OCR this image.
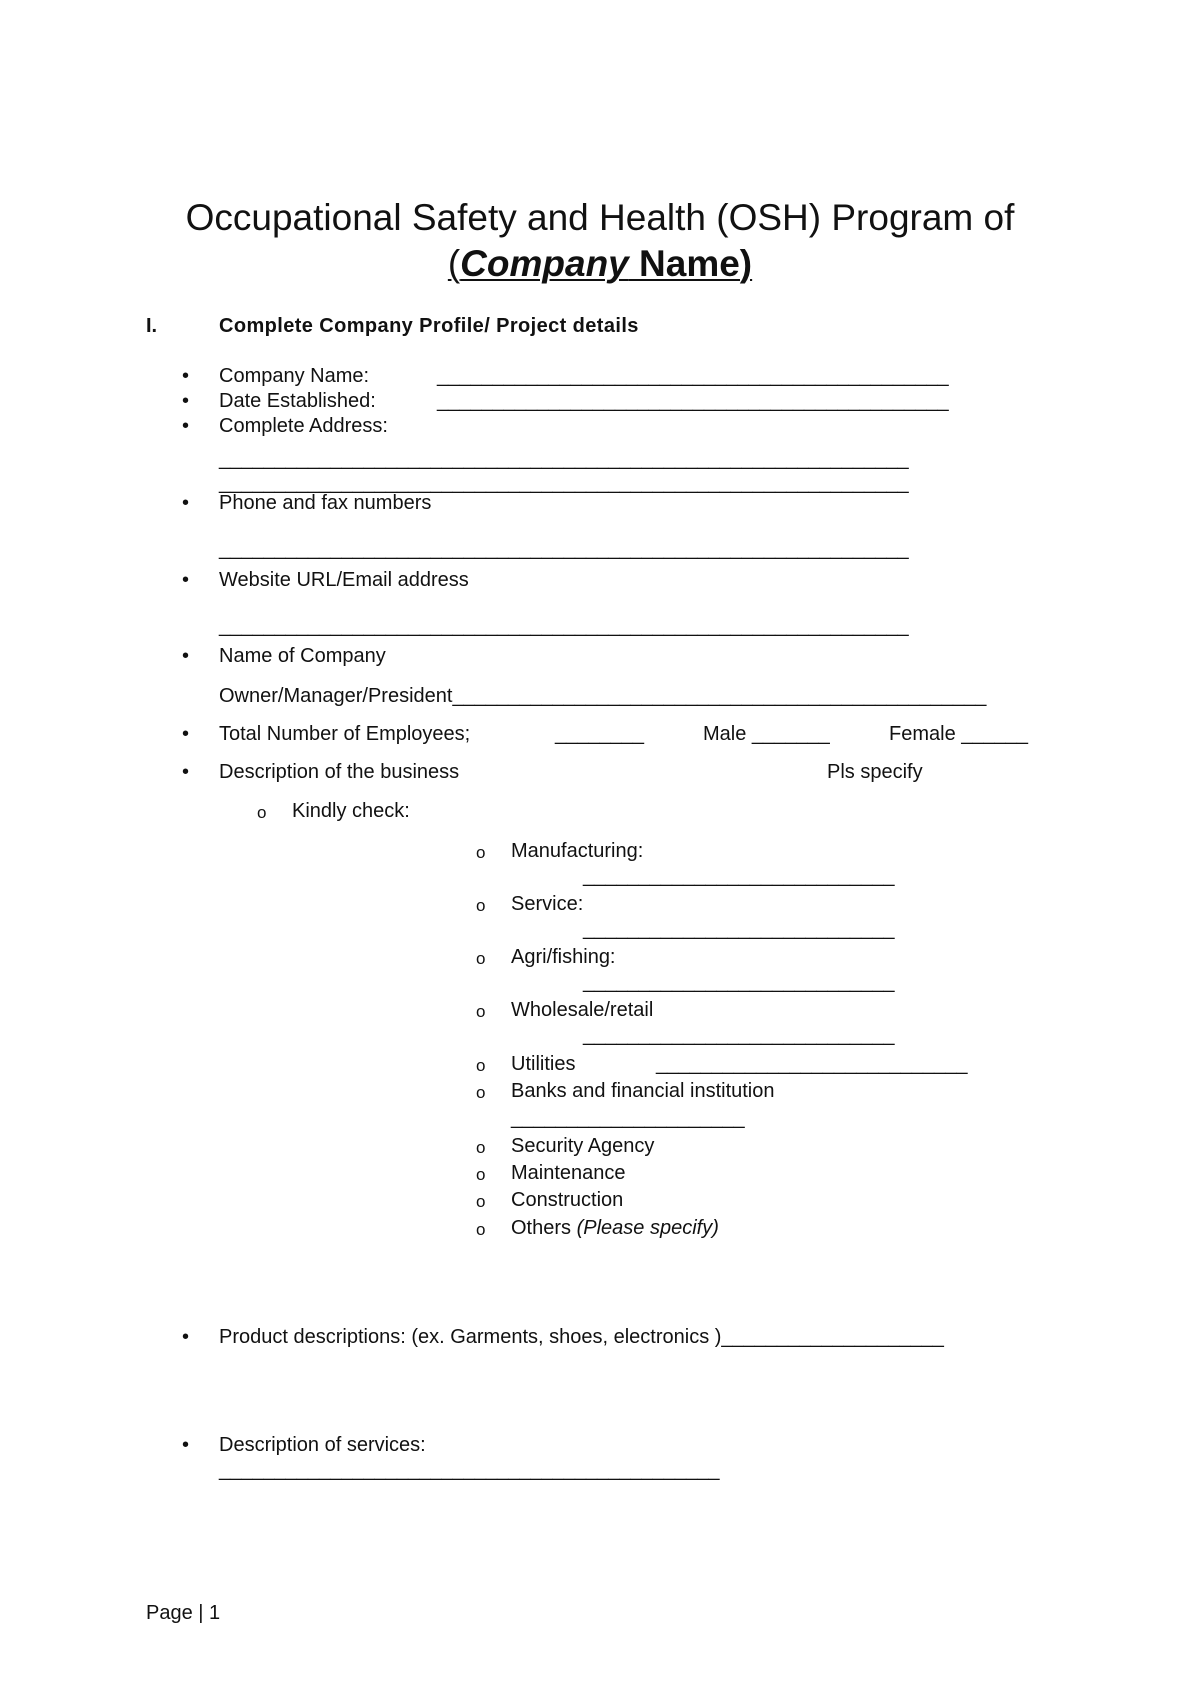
Occupational Safety and Health (OSH) Program of
(Company Name)
I.	Complete Company Profile/ Project details
• Company Name:	______________________________________________
• Date Established:	______________________________________________
• Complete Address:
______________________________________________________________
______________________________________________________________
• Phone and fax numbers
______________________________________________________________
• Website URL/Email address
______________________________________________________________
• Name of Company
Owner/Manager/President________________________________________________
• Total Number of Employees;	________	Male _______	Female ______
• Description of the business	Pls specify
o Kindly check:
o Manufacturing:
____________________________
o Service:
____________________________
o Agri/fishing:
____________________________
o Wholesale/retail
____________________________
o Utilities	____________________________
o Banks and financial institution
_____________________
o Security Agency
o Maintenance
o Construction
o Others (Please specify)
• Product descriptions: (ex. Garments, shoes, electronics )____________________
• Description of services:
_____________________________________________
Page | 1
